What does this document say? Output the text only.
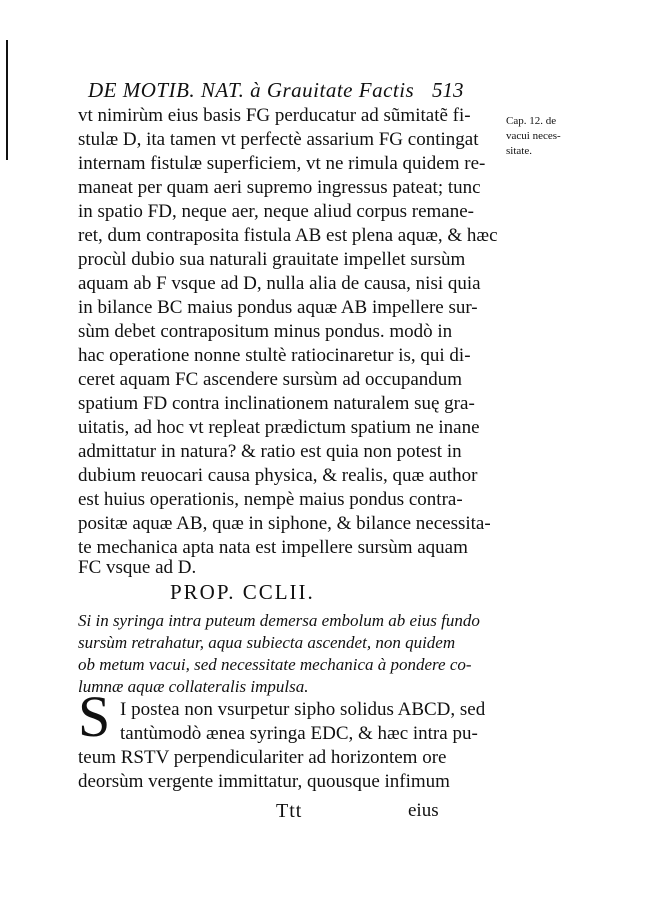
DE MOTIB. NAT. à Grauitate Factis 513
Cap. 12. de
vacui neces-
sitate.
vt nimirùm eius basis FG perducatur ad sũmitatẽ fi-
stulæ D, ita tamen vt perfectè assarium FG contingat
internam fistulæ superficiem, vt ne rimula quidem re-
maneat per quam aeri supremo ingressus pateat; tunc
in spatio FD, neque aer, neque aliud corpus remane-
ret, dum contraposita fistula AB est plena aquæ, & hæc
procùl dubio sua naturali grauitate impellet sursùm
aquam ab F vsque ad D, nulla alia de causa, nisi quia
in bilance BC maius pondus aquæ AB impellere sur-
sùm debet contrapositum minus pondus. modò in
hac operatione nonne stultè ratiocinaretur is, qui di-
ceret aquam FC ascendere sursùm ad occupandum
spatium FD contra inclinationem naturalem suę gra-
uitatis, ad hoc vt repleat prædictum spatium ne inane
admittatur in natura? & ratio est quia non potest in
dubium reuocari causa physica, & realis, quæ author
est huius operationis, nempè maius pondus contra-
positæ aquæ AB, quæ in siphone, & bilance necessita-
te mechanica apta nata est impellere sursùm aquam
FC vsque ad D.
PROP. CCLII.
Si in syringa intra puteum demersa embolum ab eius fundo
sursùm retrahatur, aqua subiecta ascendet, non quidem
ob metum vacui, sed necessitate mechanica à pondere co-
lumnæ aquæ collateralis impulsa.
S I postea non vsurpetur sipho solidus ABCD, sed
tantùmodò ænea syringa EDC, & hæc intra pu-
teum RSTV perpendiculariter ad horizontem ore
deorsùm vergente immittatur, quousque infimum
Ttt	eius
